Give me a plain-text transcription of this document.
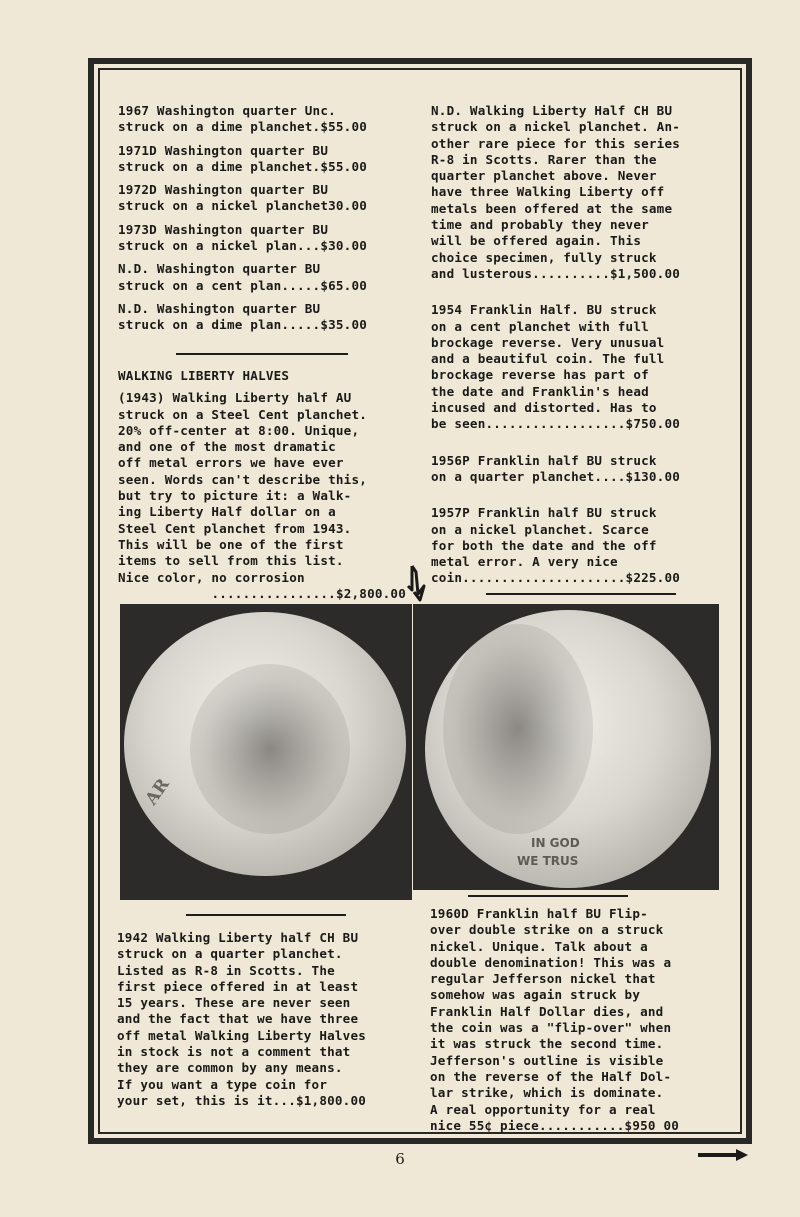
1967 Washington quarter Unc.
struck on a dime planchet.$55.00
1971D Washington quarter BU
struck on a dime planchet.$55.00
1972D Washington quarter BU
struck on a nickel planchet30.00
1973D Washington quarter BU
struck on a nickel plan...$30.00
N.D. Washington quarter BU
struck on a cent plan.....$65.00
N.D. Washington quarter BU
struck on a dime plan.....$35.00
WALKING LIBERTY HALVES
(1943) Walking Liberty half AU
struck on a Steel Cent planchet.
20% off-center at 8:00. Unique,
and one of the most dramatic
off metal errors we have ever
seen. Words can't describe this,
but try to picture it: a Walk-
ing Liberty Half dollar on a
Steel Cent planchet from 1943.
This will be one of the first
items to sell from this list.
Nice color, no corrosion
................$2,800.00
N.D. Walking Liberty Half CH BU
struck on a nickel planchet. An-
other rare piece for this series
R-8 in Scotts. Rarer than the
quarter planchet above. Never
have three Walking Liberty off
metals been offered at the same
time and probably they never
will be offered again. This
choice specimen, fully struck
and lusterous..........$1,500.00
1954 Franklin Half. BU struck
on a cent planchet with full
brockage reverse. Very unusual
and a beautiful coin. The full
brockage reverse has part of
the date and Franklin's head
incused and distorted. Has to
be seen..................$750.00
1956P Franklin half BU struck
on a quarter planchet....$130.00
1957P Franklin half BU struck
on a nickel planchet. Scarce
for both the date and the off
metal error. A very nice
coin.....................$225.00
AR
IN GOD
WE TRUS
1942 Walking Liberty half CH BU
struck on a quarter planchet.
Listed as R-8 in Scotts. The
first piece offered in at least
15 years. These are never seen
and the fact that we have three
off metal Walking Liberty Halves
in stock is not a comment that
they are common by any means.
If you want a type coin for
your set, this is it...$1,800.00
1960D Franklin half BU Flip-
over double strike on a struck
nickel. Unique. Talk about a
double denomination! This was a
regular Jefferson nickel that
somehow was again struck by
Franklin Half Dollar dies, and
the coin was a "flip-over" when
it was struck the second time.
Jefferson's outline is visible
on the reverse of the Half Dol-
lar strike, which is dominate.
A real opportunity for a real
nice 55¢ piece...........$950 00
6
